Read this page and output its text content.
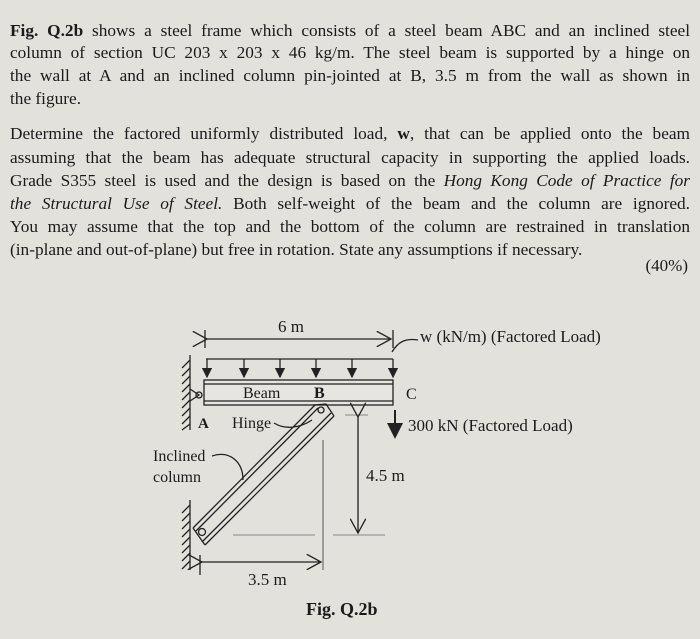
Fig. Q.2b shows a steel frame which consists of a steel beam ABC and an inclined steel
column of section UC 203 x 203 x 46 kg/m. The steel beam is supported by a hinge on
the wall at A and an inclined column pin-jointed at B, 3.5 m from the wall as shown in
the figure.
Determine the factored uniformly distributed load, w, that can be applied onto the beam
assuming that the beam has adequate structural capacity in supporting the applied loads.
Grade S355 steel is used and the design is based on the Hong Kong Code of Practice for
the Structural Use of Steel. Both self-weight of the beam and the column are ignored.
You may assume that the top and the bottom of the column are restrained in translation
(in-plane and out-of-plane) but free in rotation. State any assumptions if necessary.
(40%)
6 m
w (kN/m) (Factored Load)
Beam B	C
A Hinge
Inclined
column	4.5 m
3.5 m
300 kN (Factored Load)
Fig. Q.2b
